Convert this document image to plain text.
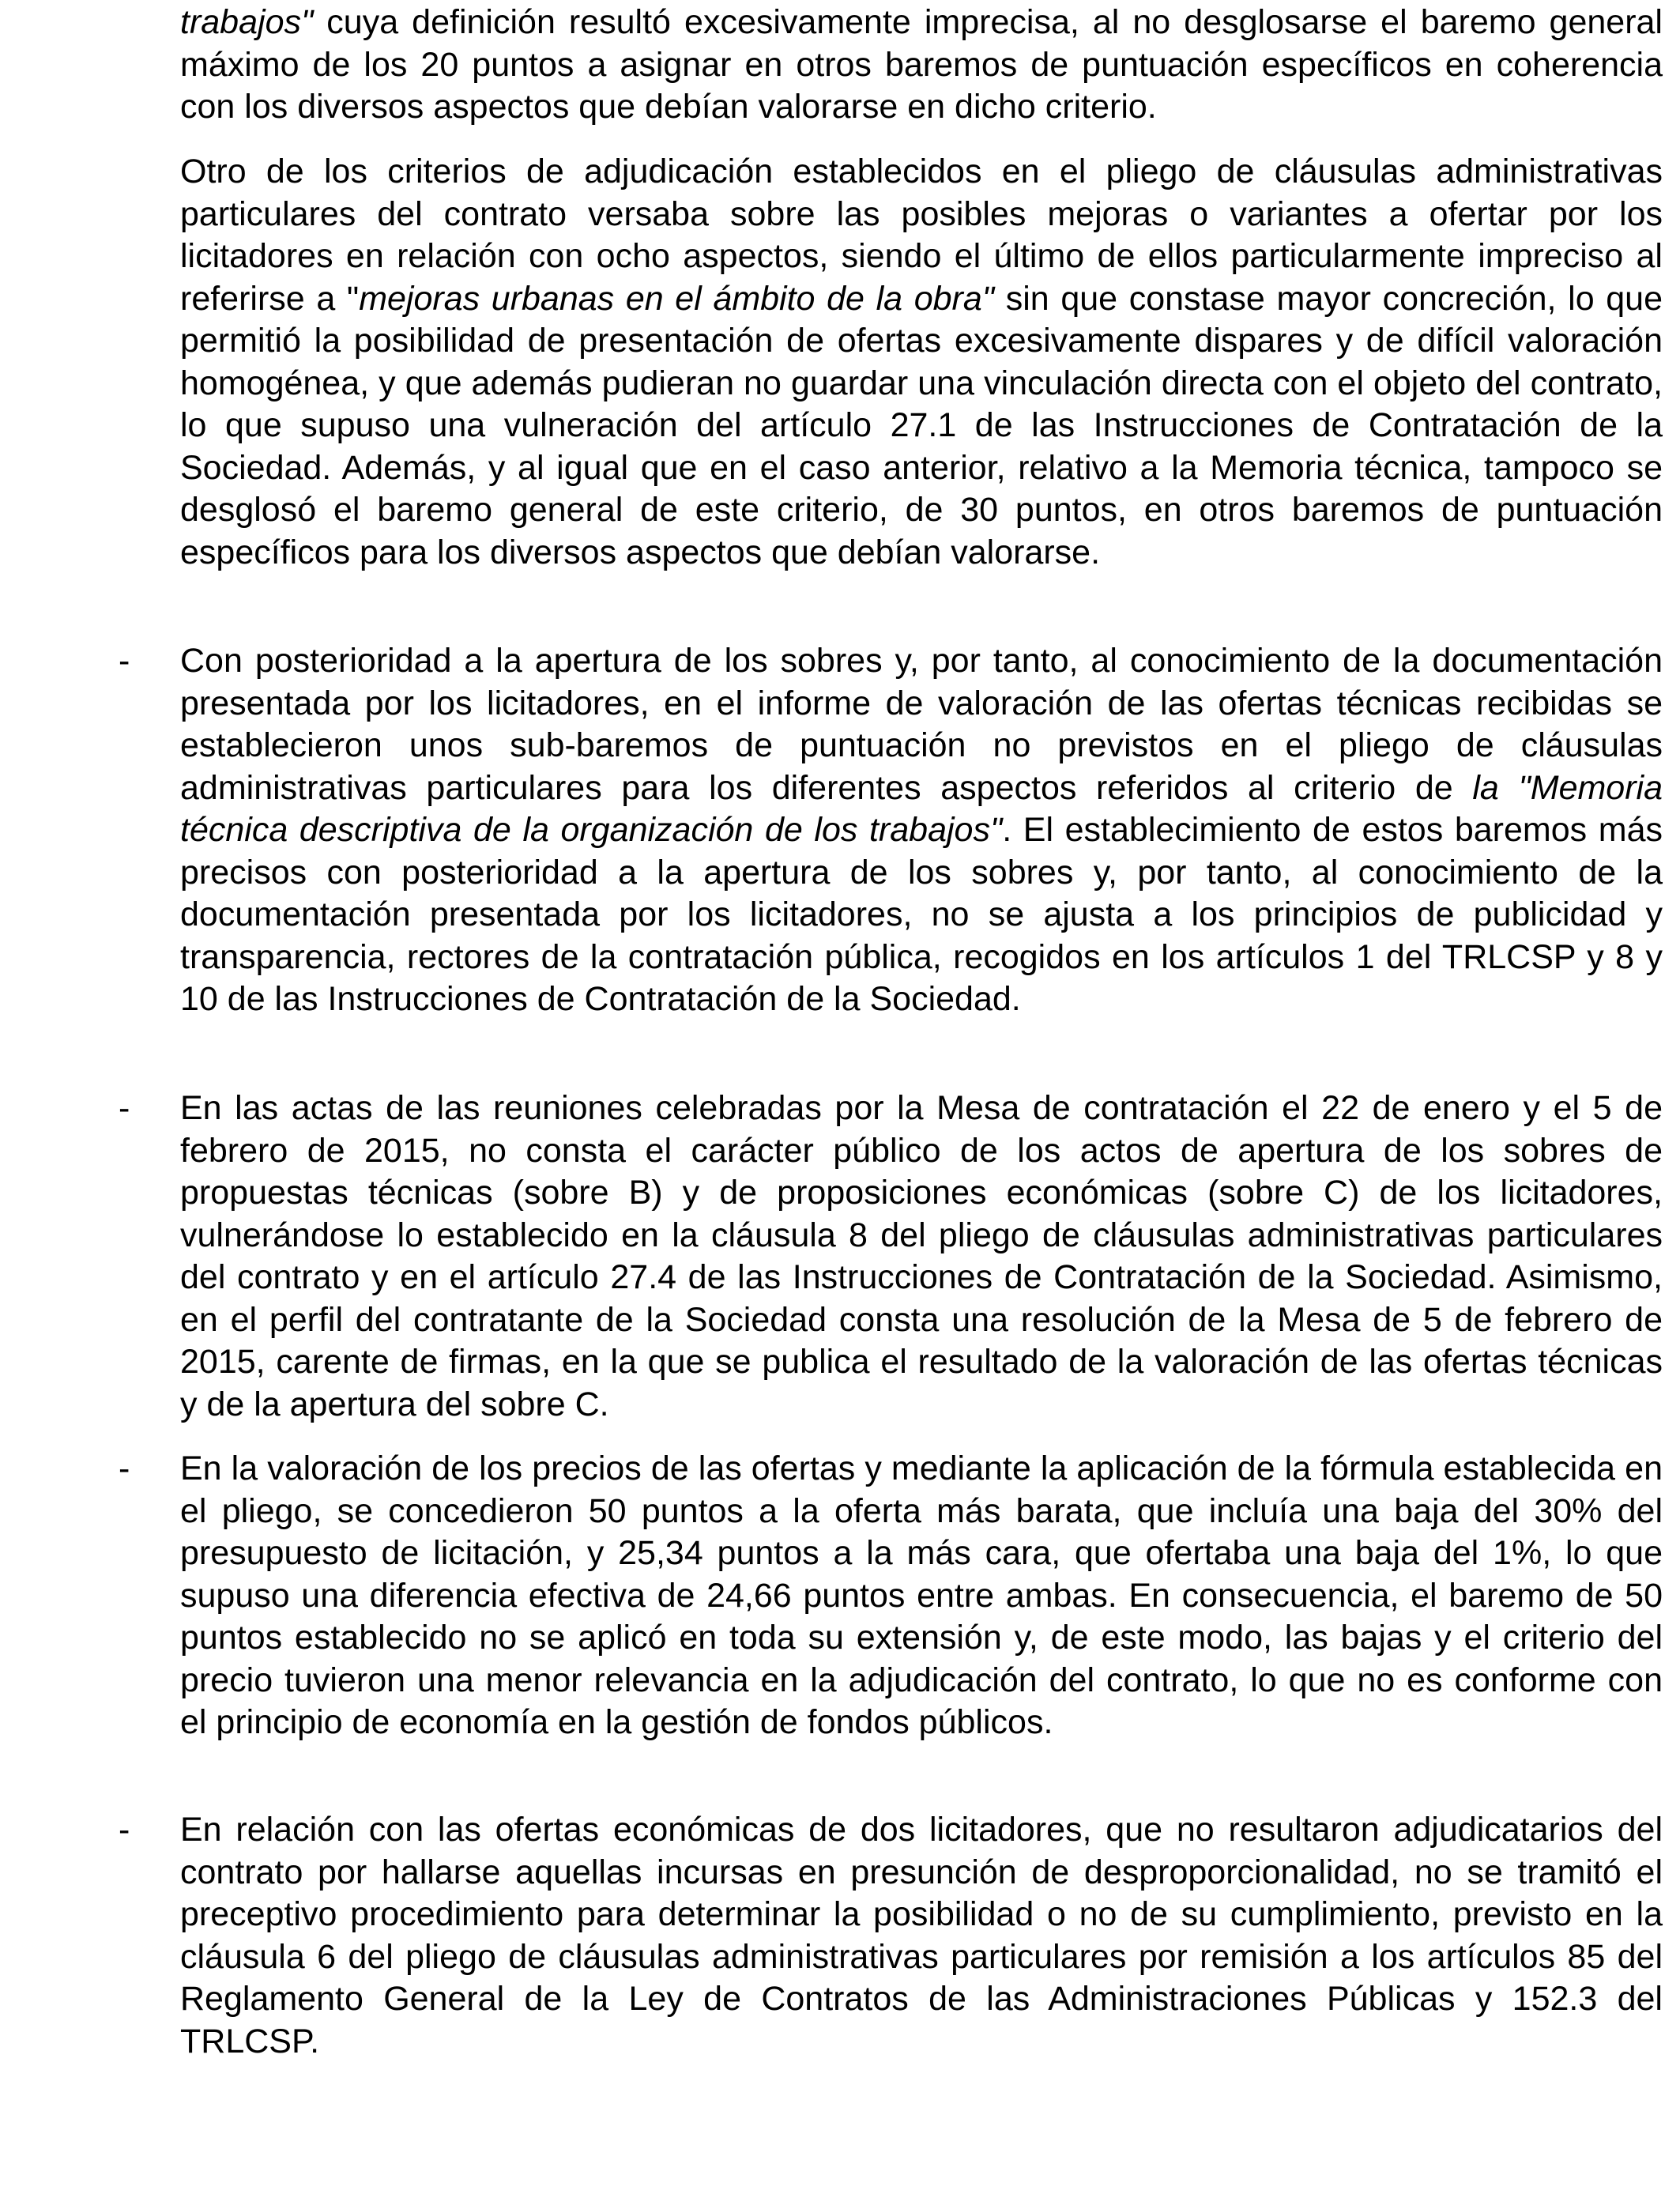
trabajos" cuya definición resultó excesivamente imprecisa, al no desglosarse el baremo general máximo de los 20 puntos a asignar en otros baremos de puntuación específicos en coherencia con los diversos aspectos que debían valorarse en dicho criterio.

Otro de los criterios de adjudicación establecidos en el pliego de cláusulas administrativas particulares del contrato versaba sobre las posibles mejoras o variantes a ofertar por los licitadores en relación con ocho aspectos, siendo el último de ellos particularmente impreciso al referirse a "mejoras urbanas en el ámbito de la obra" sin que constase mayor concreción, lo que permitió la posibilidad de presentación de ofertas excesivamente dispares y de difícil valoración homogénea, y que además pudieran no guardar una vinculación directa con el objeto del contrato, lo que supuso una vulneración del artículo 27.1 de las Instrucciones de Contratación de la Sociedad. Además, y al igual que en el caso anterior, relativo a la Memoria técnica, tampoco se desglosó el baremo general de este criterio, de 30 puntos, en otros baremos de puntuación específicos para los diversos aspectos que debían valorarse.

- Con posterioridad a la apertura de los sobres y, por tanto, al conocimiento de la documentación presentada por los licitadores, en el informe de valoración de las ofertas técnicas recibidas se establecieron unos sub-baremos de puntuación no previstos en el pliego de cláusulas administrativas particulares para los diferentes aspectos referidos al criterio de la "Memoria técnica descriptiva de la organización de los trabajos". El establecimiento de estos baremos más precisos con posterioridad a la apertura de los sobres y, por tanto, al conocimiento de la documentación presentada por los licitadores, no se ajusta a los principios de publicidad y transparencia, rectores de la contratación pública, recogidos en los artículos 1 del TRLCSP y 8 y 10 de las Instrucciones de Contratación de la Sociedad.

- En las actas de las reuniones celebradas por la Mesa de contratación el 22 de enero y el 5 de febrero de 2015, no consta el carácter público de los actos de apertura de los sobres de propuestas técnicas (sobre B) y de proposiciones económicas (sobre C) de los licitadores, vulnerándose lo establecido en la cláusula 8 del pliego de cláusulas administrativas particulares del contrato y en el artículo 27.4 de las Instrucciones de Contratación de la Sociedad. Asimismo, en el perfil del contratante de la Sociedad consta una resolución de la Mesa de 5 de febrero de 2015, carente de firmas, en la que se publica el resultado de la valoración de las ofertas técnicas y de la apertura del sobre C.

- En la valoración de los precios de las ofertas y mediante la aplicación de la fórmula establecida en el pliego, se concedieron 50 puntos a la oferta más barata, que incluía una baja del 30% del presupuesto de licitación, y 25,34 puntos a la más cara, que ofertaba una baja del 1%, lo que supuso una diferencia efectiva de 24,66 puntos entre ambas. En consecuencia, el baremo de 50 puntos establecido no se aplicó en toda su extensión y, de este modo, las bajas y el criterio del precio tuvieron una menor relevancia en la adjudicación del contrato, lo que no es conforme con el principio de economía en la gestión de fondos públicos.

- En relación con las ofertas económicas de dos licitadores, que no resultaron adjudicatarios del contrato por hallarse aquellas incursas en presunción de desproporcionalidad, no se tramitó el preceptivo procedimiento para determinar la posibilidad o no de su cumplimiento, previsto en la cláusula 6 del pliego de cláusulas administrativas particulares por remisión a los artículos 85 del Reglamento General de la Ley de Contratos de las Administraciones Públicas y 152.3 del TRLCSP.
